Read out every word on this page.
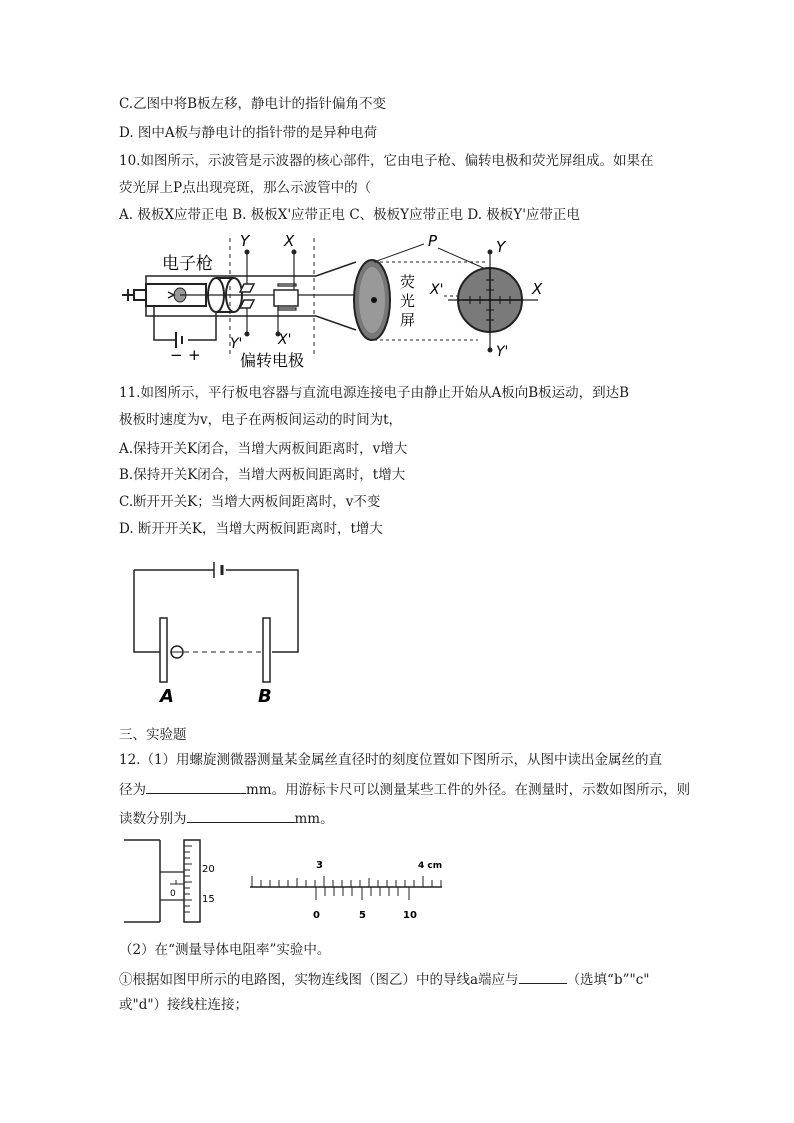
C.乙图中将B板左移，静电计的指针偏角不变
D. 图中A板与静电计的指针带的是异种电荷
10.如图所示，示波管是示波器的核心部件，它由电子枪、偏转电极和荧光屏组成。如果在
荧光屏上P点出现亮斑，那么示波管中的（
A. 极板X应带正电 B. 极板X'应带正电 C、极板Y应带正电 D. 极板Y'应带正电
− +
电子枪
Y
Y'
X
X'
偏转电极
荧
光
屏
P
X'	X
Y
Y'
11.如图所示，平行板电容器与直流电源连接电子由静止开始从A板向B板运动，到达B
极板时速度为v，电子在两板间运动的时间为t，
A.保持开关K闭合，当增大两板间距离时，v增大
B.保持开关K闭合，当增大两板间距离时，t增大
C.断开开关K；当增大两板间距离时，v不变
D. 断开开关K，当增大两板间距离时，t增大
A	B
三、实验题
12.（1）用螺旋测微器测量某金属丝直径时的刻度位置如下图所示，从图中读出金属丝的直
径为	mm。用游标卡尺可以测量某些工件的外径。在测量时，示数如图所示，则
读数分别为	mm。
0
20
15
3	4 cm
0	5	10
（2）在“测量导体电阻率”实验中。
①根据如图甲所示的电路图，实物连线图（图乙）中的导线a端应与	（选填“b”"c"
或"d"）接线柱连接；
